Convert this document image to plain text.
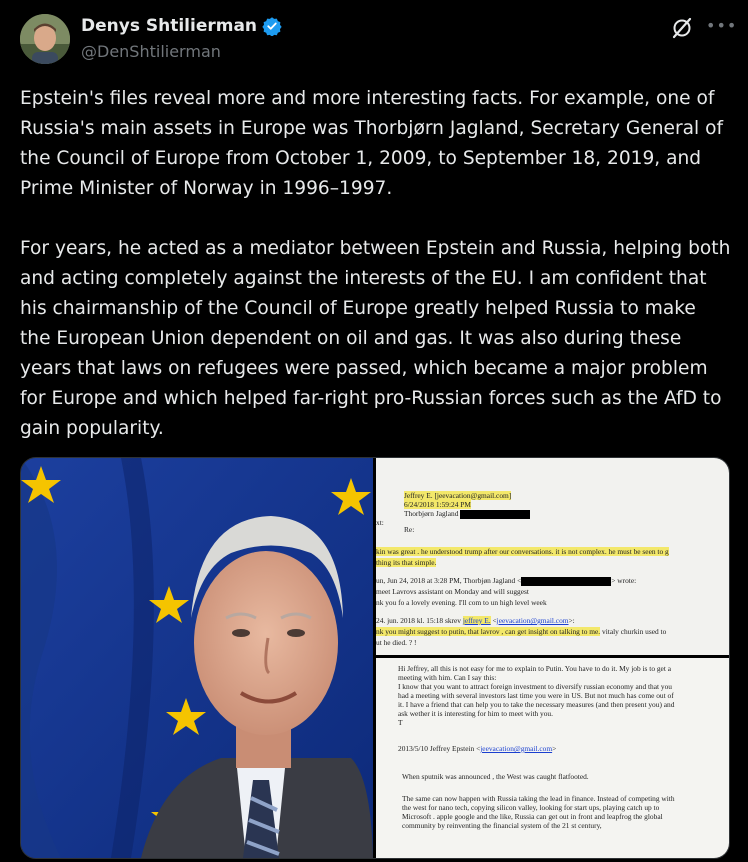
Denys Shtilierman
@DenShtilierman
•••
Epstein's files reveal more and more interesting facts. For example, one of Russia's main assets in Europe was Thorbjørn Jagland, Secretary General of the Council of Europe from October 1, 2009, to September 18, 2019, and Prime Minister of Norway in 1996–1997.

For years, he acted as a mediator between Epstein and Russia, helping both and acting completely against the interests of the EU. I am confident that his chairmanship of the Council of Europe greatly helped Russia to make the European Union dependent on oil and gas. It was also during these years that laws on refugees were passed, which became a major problem for Europe and which helped far-right pro-Russian forces such as the AfD to gain popularity.
Jeffrey E. [jeevacation@gmail.com]
6/24/2018 1:59:24 PM
Thorbjørn Jagland
xt:
Re:
kin was great . he understood trump after our conversations. it is not complex. he must be seen to g
thing its that simple.
un, Jun 24, 2018 at 3:28 PM, Thorbjøn Jagland <	> wrote:
meet Lavrovs assistant on Monday and will suggest
nk you fo a lovely evening. I'll com to un high level week
24. jun. 2018 kl. 15:18 skrev jeffrey E. <jeevacation@gmail.com>:
nk you might suggest to putin, that lavrov , can get insight on talking to me. vitaly churkin used to
ut he died. ? !
Hi Jeffrey, all this is not easy for me to explain to Putin. You have to do it. My job is to get a
meeting with him. Can I say this:
I know that you want to attract foreign investment to diversify russian economy and that you
had a meeting with several investors last time you were in US. But not much has come out of
it. I have a friend that can help you to take the necessary measures (and then present you) and
ask wether it is interesting for him to meet with you.
T
2013/5/10 Jeffrey Epstein <jeevacation@gmail.com>
When sputnik was announced , the West was caught flatfooted.
The same can now happen with Russia taking the lead in finance. Instead of competing with
the west for nano tech, copying silicon valley, looking for start ups, playing catch up to
Microsoft . apple google and the like, Russia can get out in front and leapfrog the global
community by reinventing the financial system of the 21 st century,
